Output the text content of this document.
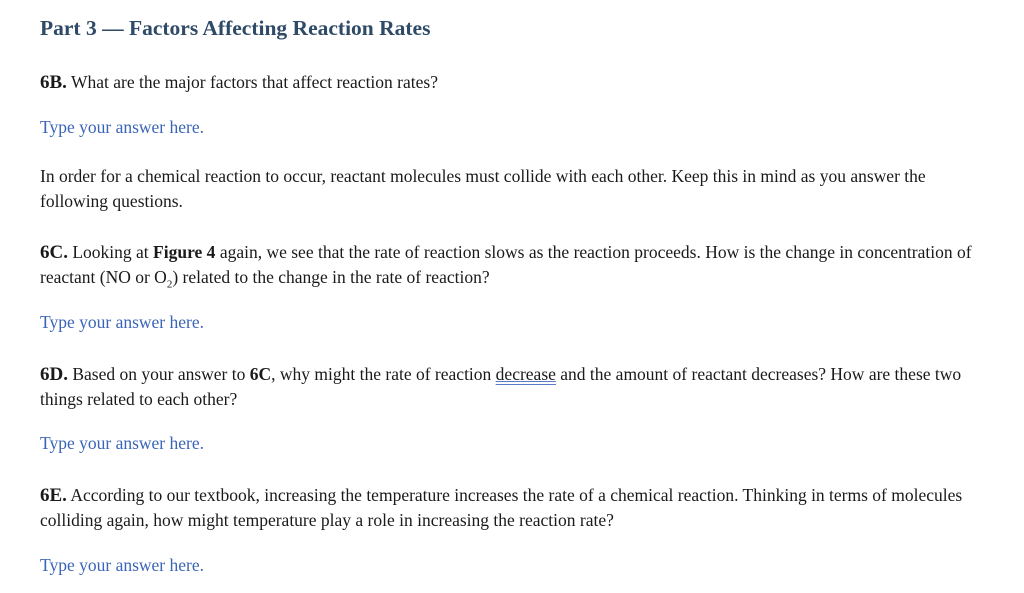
Part 3 — Factors Affecting Reaction Rates
6B. What are the major factors that affect reaction rates?
Type your answer here.
In order for a chemical reaction to occur, reactant molecules must collide with each other. Keep this in mind as you answer the following questions.
6C. Looking at Figure 4 again, we see that the rate of reaction slows as the reaction proceeds. How is the change in concentration of reactant (NO or $O_2$) related to the change in the rate of reaction?
Type your answer here.
6D. Based on your answer to 6C, why might the rate of reaction decrease and the amount of reactant decreases? How are these two things related to each other?
Type your answer here.
6E. According to our textbook, increasing the temperature increases the rate of a chemical reaction. Thinking in terms of molecules colliding again, how might temperature play a role in increasing the reaction rate?
Type your answer here.
